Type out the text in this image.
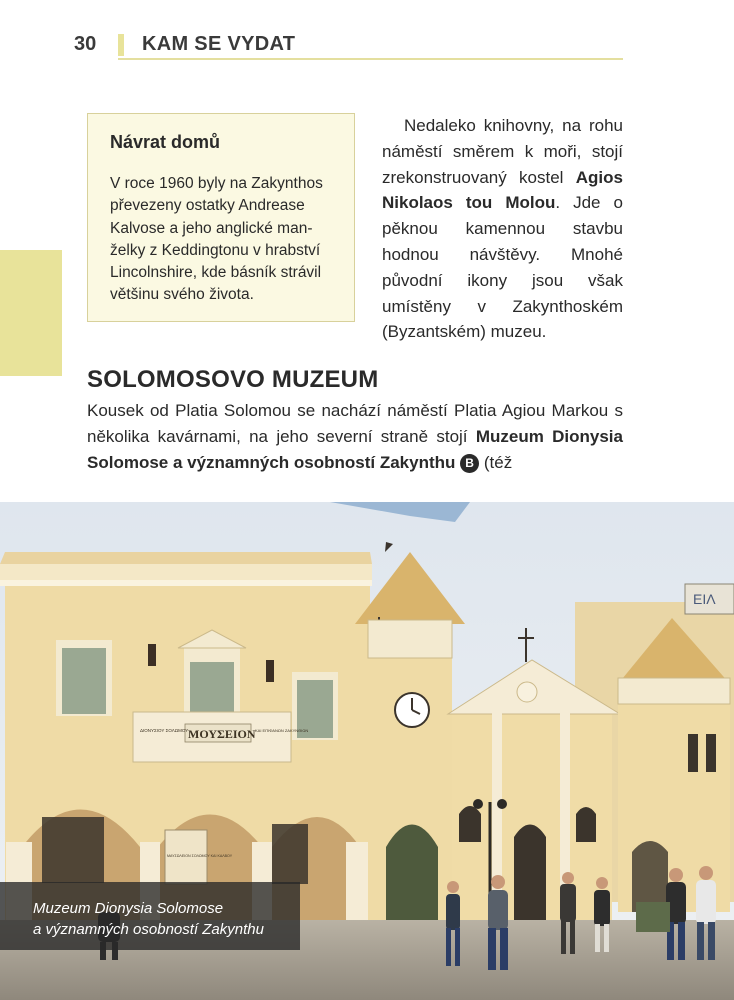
30 KAM SE VYDAT
Návrat domů
V roce 1960 byly na Zakynthos
převezeny ostatky Andrease
Kalvose a jeho anglické man-
želky z Keddingtonu v hrabství
Lincolnshire, kde básník strávil
většinu svého života.
Nedaleko knihovny, na rohu náměstí směrem k moři, stojí zrekonstruovaný kostel Agios Nikolaos tou Molou. Jde o pěknou kamennou stavbu hodnou návštěvy. Mnohé původní ikony jsou však umístěny v Zakynthoském (Byzantském) muzeu.
SOLOMOSOVO MUZEUM
Kousek od Platia Solomou se nachází náměstí Platia Agiou Markou s několika kavárnami, na jeho severní straně stojí Muzeum Dionysia Solomose a významných osobností Zakynthu B (též
ΕΙΛ
ΜΟΥΣΕΙΟΝ
ΔΙΟΝΥΣΙΟΥ ΣΟΛΩΜΟΥ	ΚΑΙ ΕΠΙΦΑΝΩΝ ΖΑΚΥΝΘΙΩΝ
ΜΑΥΣΩΛΕΙΟΝ ΣΟΛΩΜΟΥ ΚΑΙ ΚΑΛΒΟΥ
Muzeum Dionysia Solomose
a významných osobností Zakynthu
